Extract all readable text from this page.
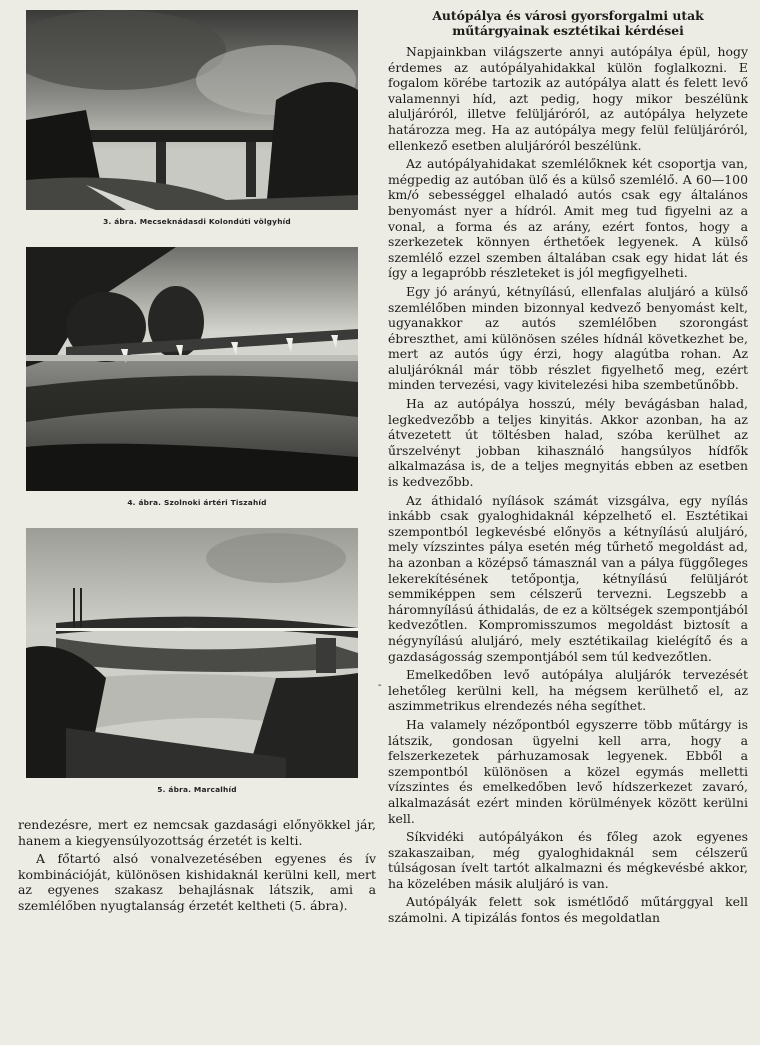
3. ábra. Mecseknádasdi Kolondúti völgyhíd

4. ábra. Szolnoki ártéri Tiszahíd

5. ábra. Marcalhíd

rendezésre, mert ez nemcsak gazdasági előnyökkel jár, hanem a kiegyensúlyozottság érzetét is kelti.

A főtartó alsó vonalvezetésében egyenes és ív kombinációját, különösen kishidaknál kerülni kell, mert az egyenes szakasz behajlásnak látszik, ami a szemlélőben nyugtalanság érzetét keltheti (5. ábra).

-
Autópálya és városi gyorsforgalmi utak
műtárgyainak esztétikai kérdései

Napjainkban világszerte annyi autópálya épül, hogy érdemes az autópályahidakkal külön foglalkozni. E fogalom körébe tartozik az autópálya alatt és felett levő valamennyi híd, azt pedig, hogy mikor beszélünk aluljáróról, illetve felüljáróról, az autópálya helyzete határozza meg. Ha az autópálya megy felül felüljáróról, ellenkező esetben aluljáróról beszélünk.

Az autópályahidakat szemlélőknek két csoportja van, mégpedig az autóban ülő és a külső szemlélő. A 60—100 km/ó sebességgel elhaladó autós csak egy általános benyomást nyer a hídról. Amit meg tud figyelni az a vonal, a forma és az arány, ezért fontos, hogy a szerkezetek könnyen érthetőek legyenek. A külső szemlélő ezzel szemben általában csak egy hidat lát és így a legapróbb részleteket is jól megfigyelheti.

Egy jó arányú, kétnyílású, ellenfalas aluljáró a külső szemlélőben minden bizonnyal kedvező benyomást kelt, ugyanakkor az autós szemlélőben szorongást ébreszthet, ami különösen széles hídnál következhet be, mert az autós úgy érzi, hogy alagútba rohan. Az aluljáróknál már több részlet figyelhető meg, ezért minden tervezési, vagy kivitelezési hiba szembetűnőbb.

Ha az autópálya hosszú, mély bevágásban halad, legkedvezőbb a teljes kinyitás. Akkor azonban, ha az átvezetett út töltésben halad, szóba kerülhet az űrszelvényt jobban kihasználó hangsúlyos hídfők alkalmazása is, de a teljes megnyitás ebben az esetben is kedvezőbb.

Az áthidaló nyílások számát vizsgálva, egy nyílás inkább csak gyaloghidaknál képzelhető el. Esztétikai szempontból legkevésbé előnyös a kétnyílású aluljáró, mely vízszintes pálya esetén még tűrhető megoldást ad, ha azonban a középső támasznál van a pálya függőleges lekerekítésének tetőpontja, kétnyílású felüljárót semmiképpen sem célszerű tervezni. Legszebb a háromnyílású áthidalás, de ez a költségek szempontjából kedvezőtlen. Kompromisszumos megoldást biztosít a négynyílású aluljáró, mely esztétikailag kielégítő és a gazdaságosság szempontjából sem túl kedvezőtlen.

Emelkedőben levő autópálya aluljárók tervezését lehetőleg kerülni kell, ha mégsem kerülhető el, az aszimmetrikus elrendezés néha segíthet.

Ha valamely nézőpontból egyszerre több műtárgy is látszik, gondosan ügyelni kell arra, hogy a felszerkezetek párhuzamosak legyenek. Ebből a szempontból különösen a közel egymás melletti vízszintes és emelkedőben levő hídszerkezet zavaró, alkalmazását ezért minden körülmények között kerülni kell.

Síkvidéki autópályákon és főleg azok egyenes szakaszaiban, még gyaloghidaknál sem célszerű túlságosan ívelt tartót alkalmazni és mégkevésbé akkor, ha közelében másik aluljáró is van.

Autópályák felett sok ismétlődő műtárggyal kell számolni. A tipizálás fontos és megoldatlan
